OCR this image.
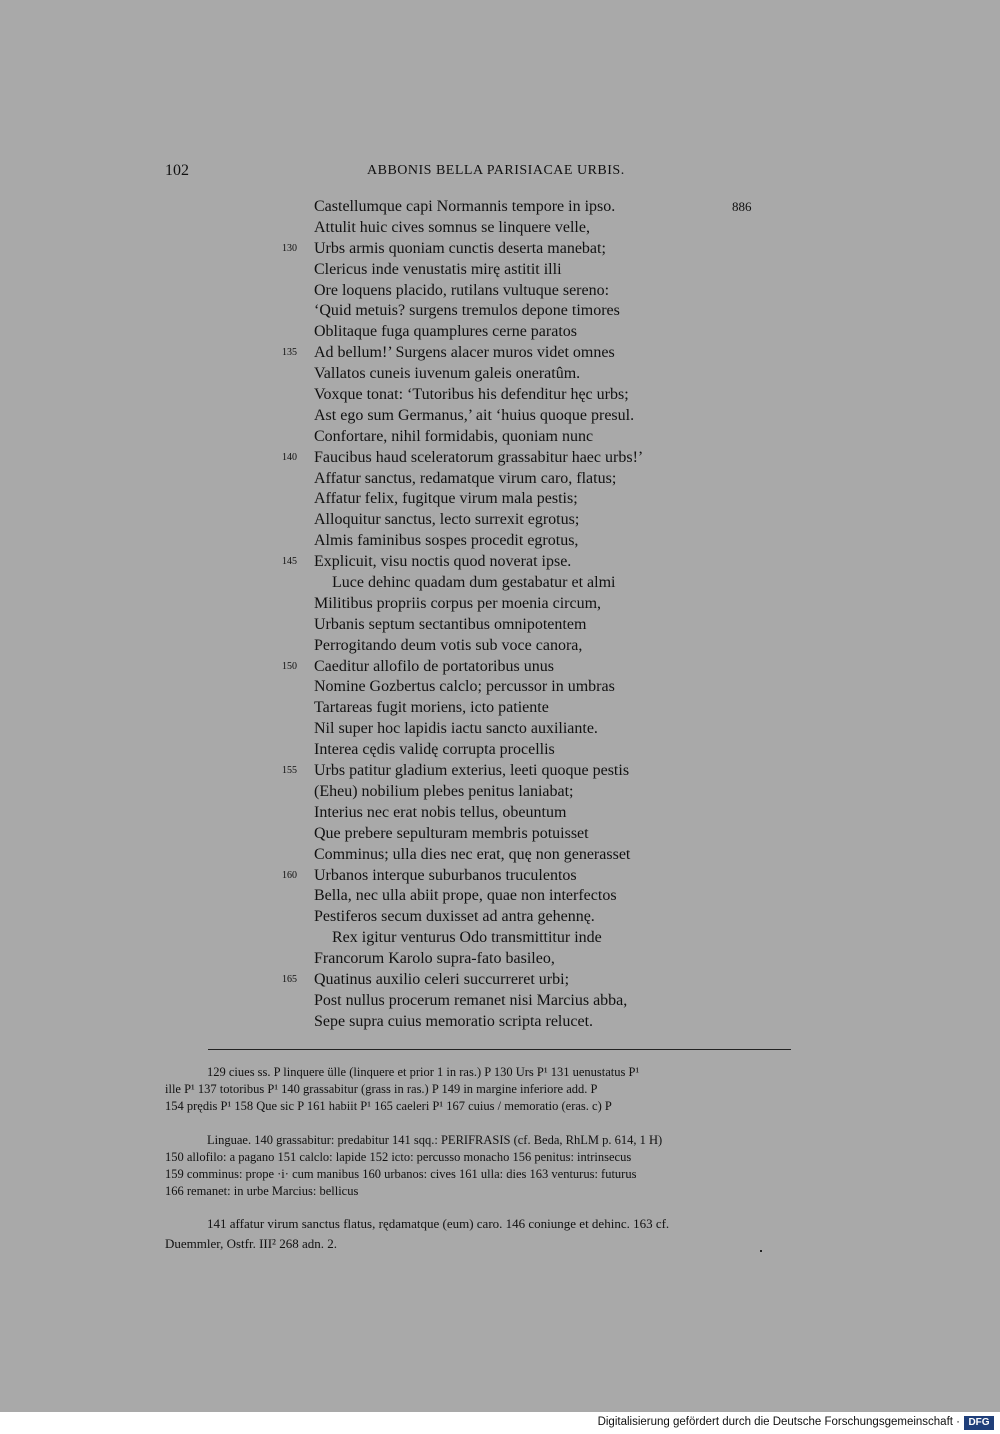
102	ABBONIS BELLA PARISIACAE URBIS.
Castellumque capi Normannis tempore in ipso.	886
Attulit huic cives somnus se linquere velle,
130	Urbs armis quoniam cunctis deserta manebat;
Clericus inde venustatis mirę astitit illi
Ore loquens placido, rutilans vultuque sereno:
‘Quid metuis? surgens tremulos depone timores
Oblitaque fuga quamplures cerne paratos
135	Ad bellum!’ Surgens alacer muros videt omnes
Vallatos cuneis iuvenum galeis oneratûm.
Voxque tonat: ‘Tutoribus his defenditur hęc urbs;
Ast ego sum Germanus,’ ait ‘huius quoque presul.
Confortare, nihil formidabis, quoniam nunc
140	Faucibus haud sceleratorum grassabitur haec urbs!’
Affatur sanctus, redamatque virum caro, flatus;
Affatur felix, fugitque virum mala pestis;
Alloquitur sanctus, lecto surrexit egrotus;
Almis faminibus sospes procedit egrotus,
145	Explicuit, visu noctis quod noverat ipse.
Luce dehinc quadam dum gestabatur et almi
Militibus propriis corpus per moenia circum,
Urbanis septum sectantibus omnipotentem
Perrogitando deum votis sub voce canora,
150	Caeditur allofilo de portatoribus unus
Nomine Gozbertus calclo; percussor in umbras
Tartareas fugit moriens, icto patiente
Nil super hoc lapidis iactu sancto auxiliante.
Interea cędis validę corrupta procellis
155	Urbs patitur gladium exterius, leeti quoque pestis
(Eheu) nobilium plebes penitus laniabat;
Interius nec erat nobis tellus, obeuntum
Que prebere sepulturam membris potuisset
Comminus; ulla dies nec erat, quę non generasset
160	Urbanos interque suburbanos truculentos
Bella, nec ulla abiit prope, quae non interfectos
Pestiferos secum duxisset ad antra gehennę.
Rex igitur venturus Odo transmittitur inde
Francorum Karolo supra-fato basileo,
165	Quatinus auxilio celeri succurreret urbi;
Post nullus procerum remanet nisi Marcius abba,
Sepe supra cuius memoratio scripta relucet.
129 ciues ss. P linquere ülle (linquere et prior 1 in ras.) P 130 Urs P¹ 131 uenustatus P¹
ille P¹ 137 totoribus P¹ 140 grassabitur (grass in ras.) P 149 in margine inferiore add. P
154 prędis P¹ 158 Que sic P 161 habiit P¹ 165 caeleri P¹ 167 cuius / memoratio (eras. c) P
Linguae. 140 grassabitur: predabitur 141 sqq.: PERIFRASIS (cf. Beda, RhLM p. 614, 1 H)
150 allofilo: a pagano 151 calclo: lapide 152 icto: percusso monacho 156 penitus: intrinsecus
159 comminus: prope ·i· cum manibus 160 urbanos: cives 161 ulla: dies 163 venturus: futurus
166 remanet: in urbe Marcius: bellicus
141 affatur virum sanctus flatus, rędamatque (eum) caro. 146 coniunge et dehinc. 163 cf.
Duemmler, Ostfr. III² 268 adn. 2.
Digitalisierung gefördert durch die Deutsche Forschungsgemeinschaft · DFG
